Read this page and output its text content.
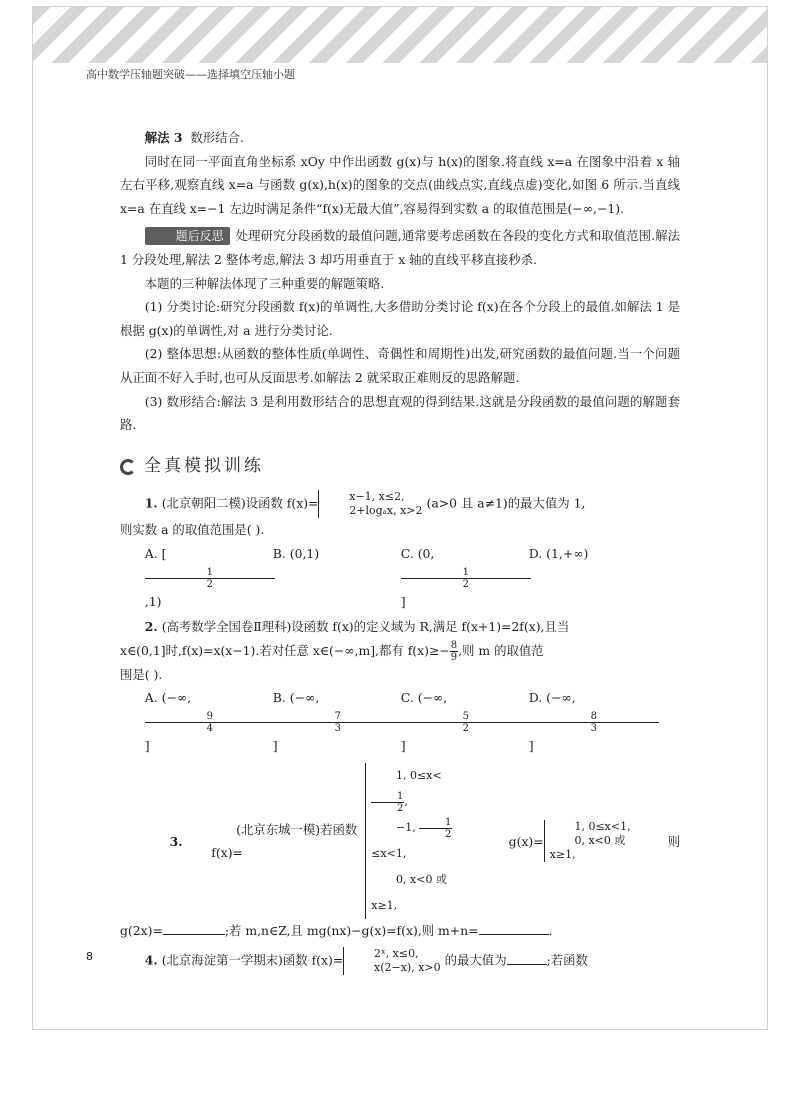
高中数学压轴题突破——选择填空压轴小题

解法 3 数形结合.

同时在同一平面直角坐标系 xOy 中作出函数 g(x)与 h(x)的图象.将直线 x=a 在图象中沿着 x 轴左右平移,观察直线 x=a 与函数 g(x),h(x)的图象的交点(曲线点实,直线点虚)变化,如图 6 所示.当直线 x=a 在直线 x=−1 左边时满足条件“f(x)无最大值”,容易得到实数 a 的取值范围是(−∞,−1).

题后反思 处理研究分段函数的最值问题,通常要考虑函数在各段的变化方式和取值范围.解法 1 分段处理,解法 2 整体考虑,解法 3 却巧用垂直于 x 轴的直线平移直接秒杀.

本题的三种解法体现了三种重要的解题策略.

(1) 分类讨论:研究分段函数 f(x)的单调性,大多借助分类讨论 f(x)在各个分段上的最值.如解法 1 是根据 g(x)的单调性,对 a 进行分类讨论.

(2) 整体思想:从函数的整体性质(单调性、奇偶性和周期性)出发,研究函数的最值问题.当一个问题从正面不好入手时,也可从反面思考.如解法 2 就采取正难则反的思路解题.

(3) 数形结合:解法 3 是利用数形结合的思想直观的得到结果.这就是分段函数的最值问题的解题套路.

全真模拟训练

1. (北京朝阳二模)设函数 f(x)=	x−1, x≤2,
2+logₐx, x>2 (a>0 且 a≠1)的最大值为 1,

则实数 a 的取值范围是( ).

A. [
$\frac{1}{2}$
,1)
B. (0,1)	C. (0,
$\frac{1}{2}$
]
D. (1,+∞)

2. (高考数学全国卷Ⅱ理科)设函数 f(x)的定义域为 R,满足 f(x+1)=2f(x),且当

x∈(0,1]时,f(x)=x(x−1).若对任意 x∈(−∞,m],都有 $f(x)\ge- \frac{8}{9}$ ,则 m 的取值范

围是( ).

A. (−∞,
$\frac{9}{4}$
]
B. (−∞,
$\frac{7}{3}$
]
C. (−∞,
$\frac{5}{2}$
]
D. (−∞,
$\frac{8}{3}$
]
3.

(北京东城一模)若函数 f(x)=
1, 0≤x<
$\frac{1}{2}$ ,
−1, $\frac{1}{2}$
≤x<1,
0, x<0 或 x≥1,
g(x)=
1, 0≤x<1,
0, x<0 或 x≥1,
则

g(2x)=	;若 m,n∈Z,且 mg(nx)−g(x)=f(x),则 m+n=	.

4. (北京海淀第一学期末)函数 f(x)=	2ˣ, x≤0,
x(2−x), x>0 的最大值为	;若函数

8
